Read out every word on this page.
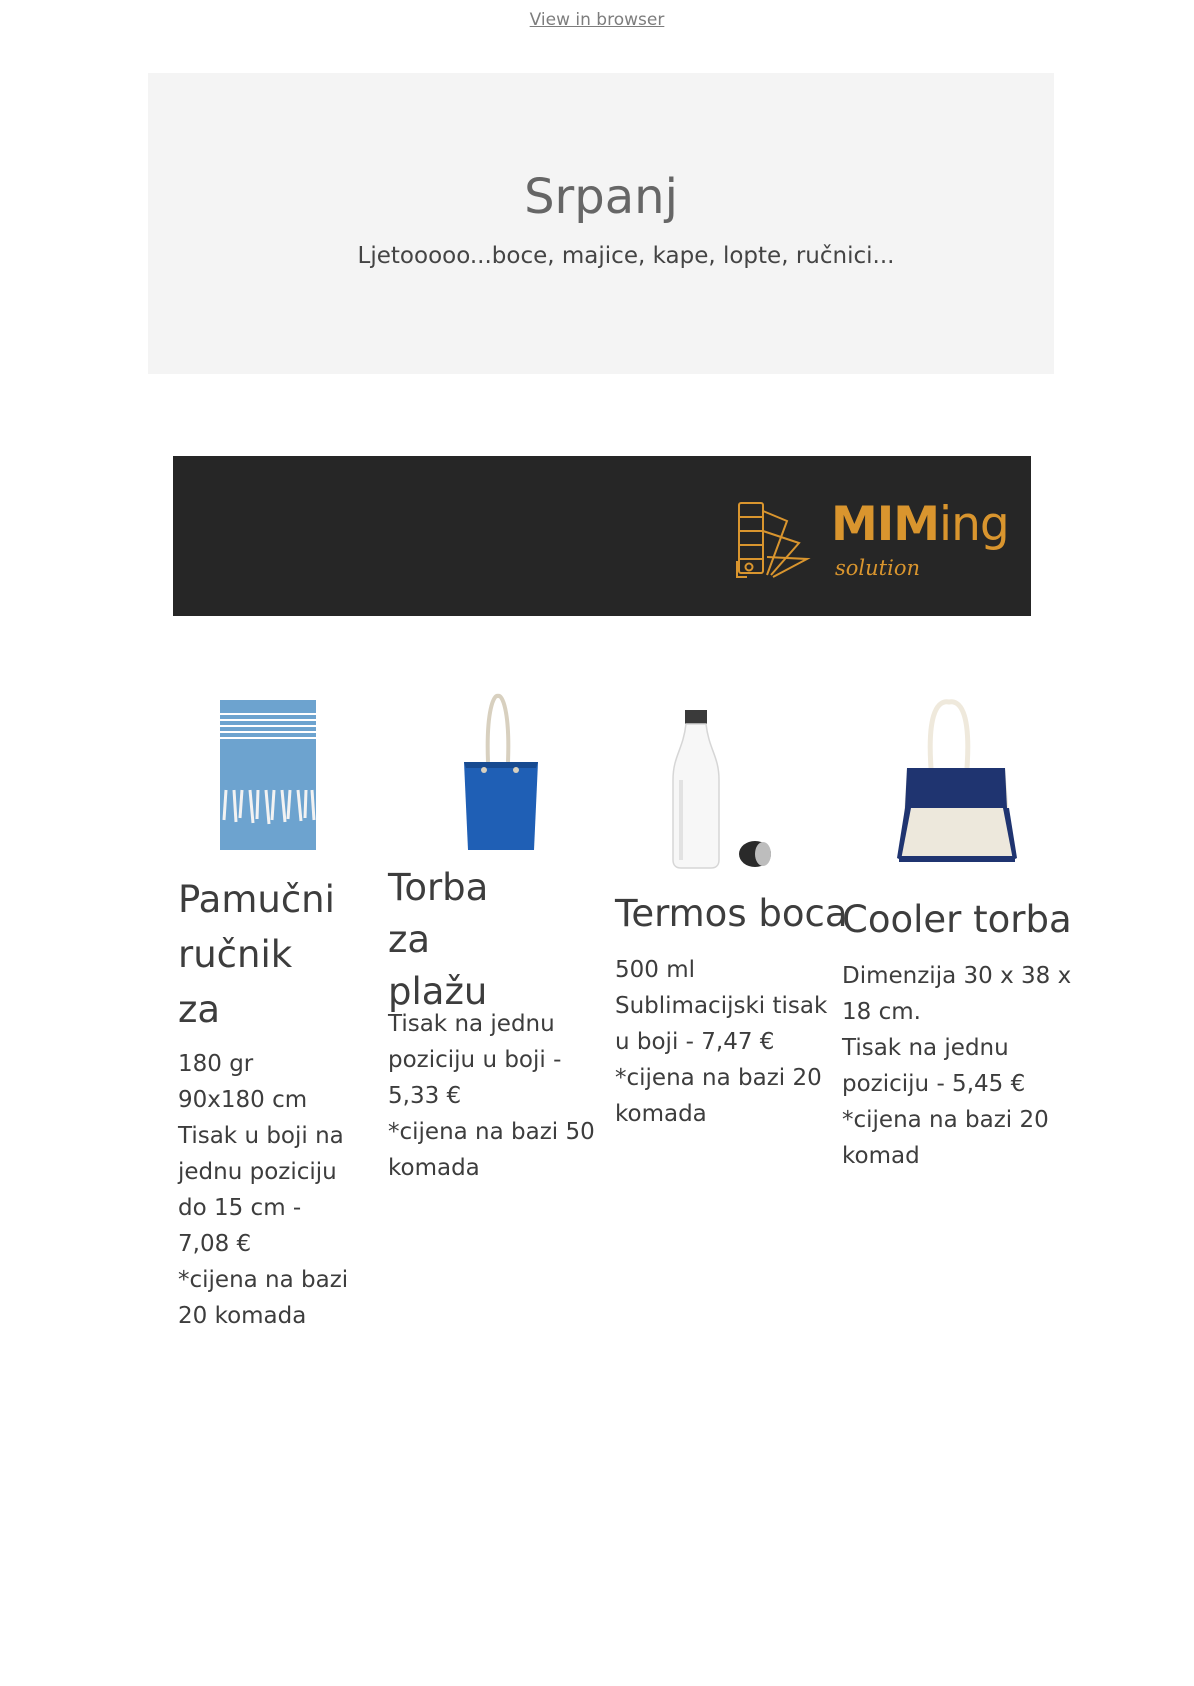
View in browser
Srpanj

Ljetooooo...boce, majice, kape, lopte, ručnici...

MIMing
solution
Pamučni
ručnik
za

180 gr
90x180 cm
Tisak u boji na
jednu poziciju
do 15 cm -
7,08 €
*cijena na bazi
20 komada

Torba
za
plažu

Tisak na jednu
poziciju u boji -
5,33 €
*cijena na bazi 50
komada

Termos boca

500 ml
Sublimacijski tisak
u boji - 7,47 €
*cijena na bazi 20
komada

Cooler torba

Dimenzija 30 x 38 x
18 cm.
Tisak na jednu
poziciju - 5,45 €
*cijena na bazi 20
komad
